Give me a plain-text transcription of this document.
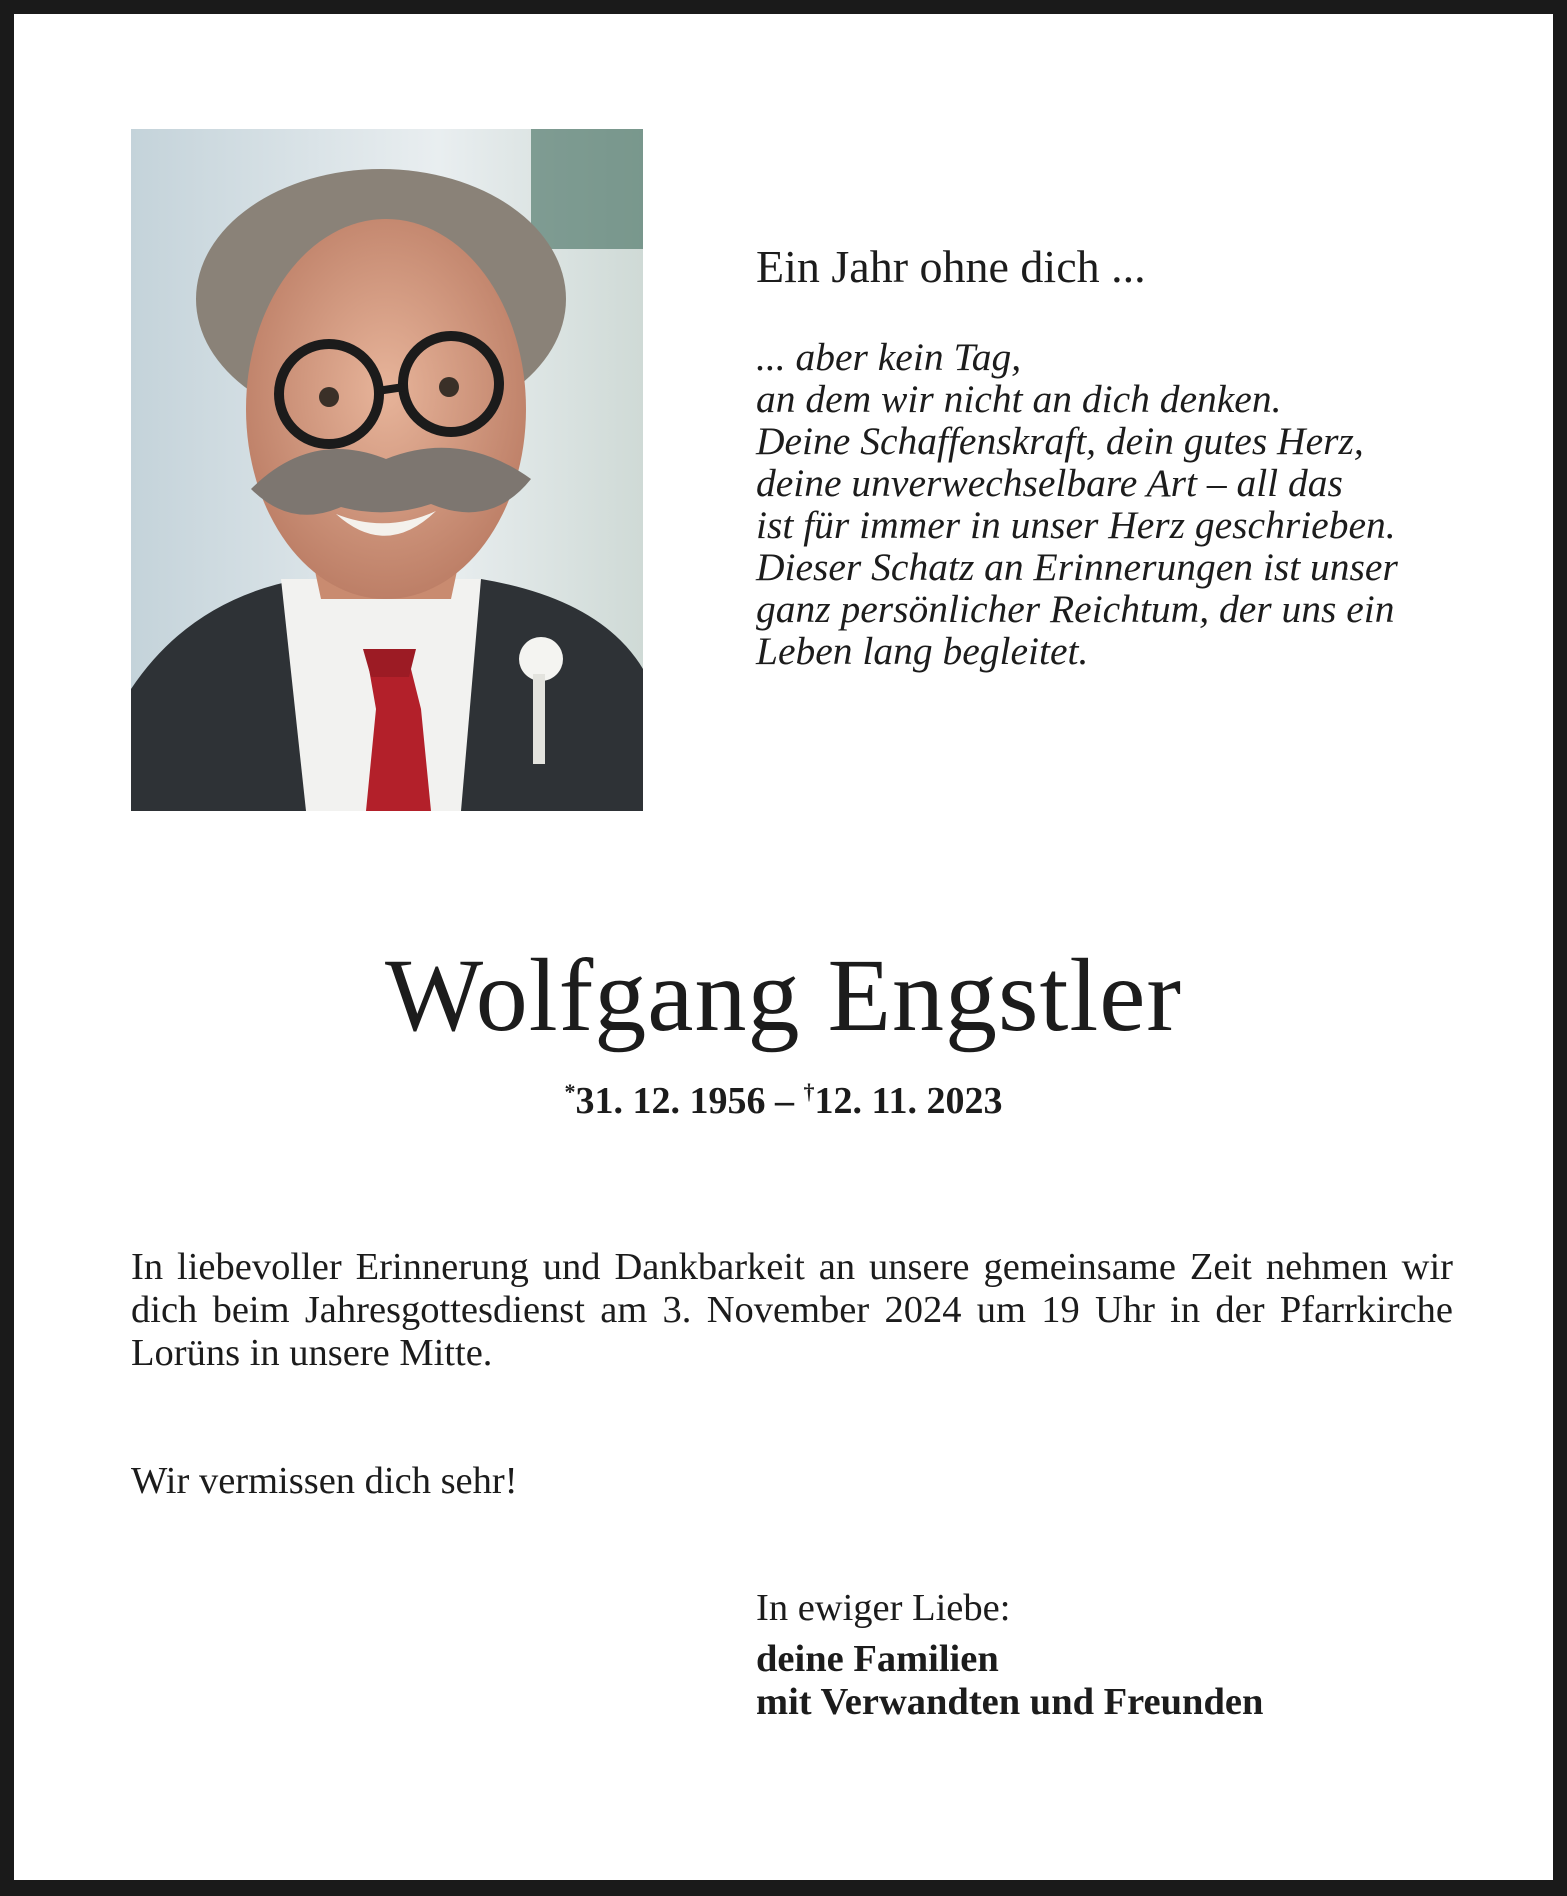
Ein Jahr ohne dich ...
... aber kein Tag,
an dem wir nicht an dich denken.
Deine Schaffenskraft, dein gutes Herz,
deine unverwechselbare Art – all das
ist für immer in unser Herz geschrieben.
Dieser Schatz an Erinnerungen ist unser
ganz persönlicher Reichtum, der uns ein
Leben lang begleitet.
Wolfgang Engstler
*31. 12. 1956 – †12. 11. 2023
In liebevoller Erinnerung und Dankbarkeit an unsere gemeinsame Zeit nehmen wir dich beim Jahresgottesdienst am 3. November 2024 um 19 Uhr in der Pfarrkirche Lorüns in unsere Mitte.
Wir vermissen dich sehr!
In ewiger Liebe:
deine Familien
mit Verwandten und Freunden
